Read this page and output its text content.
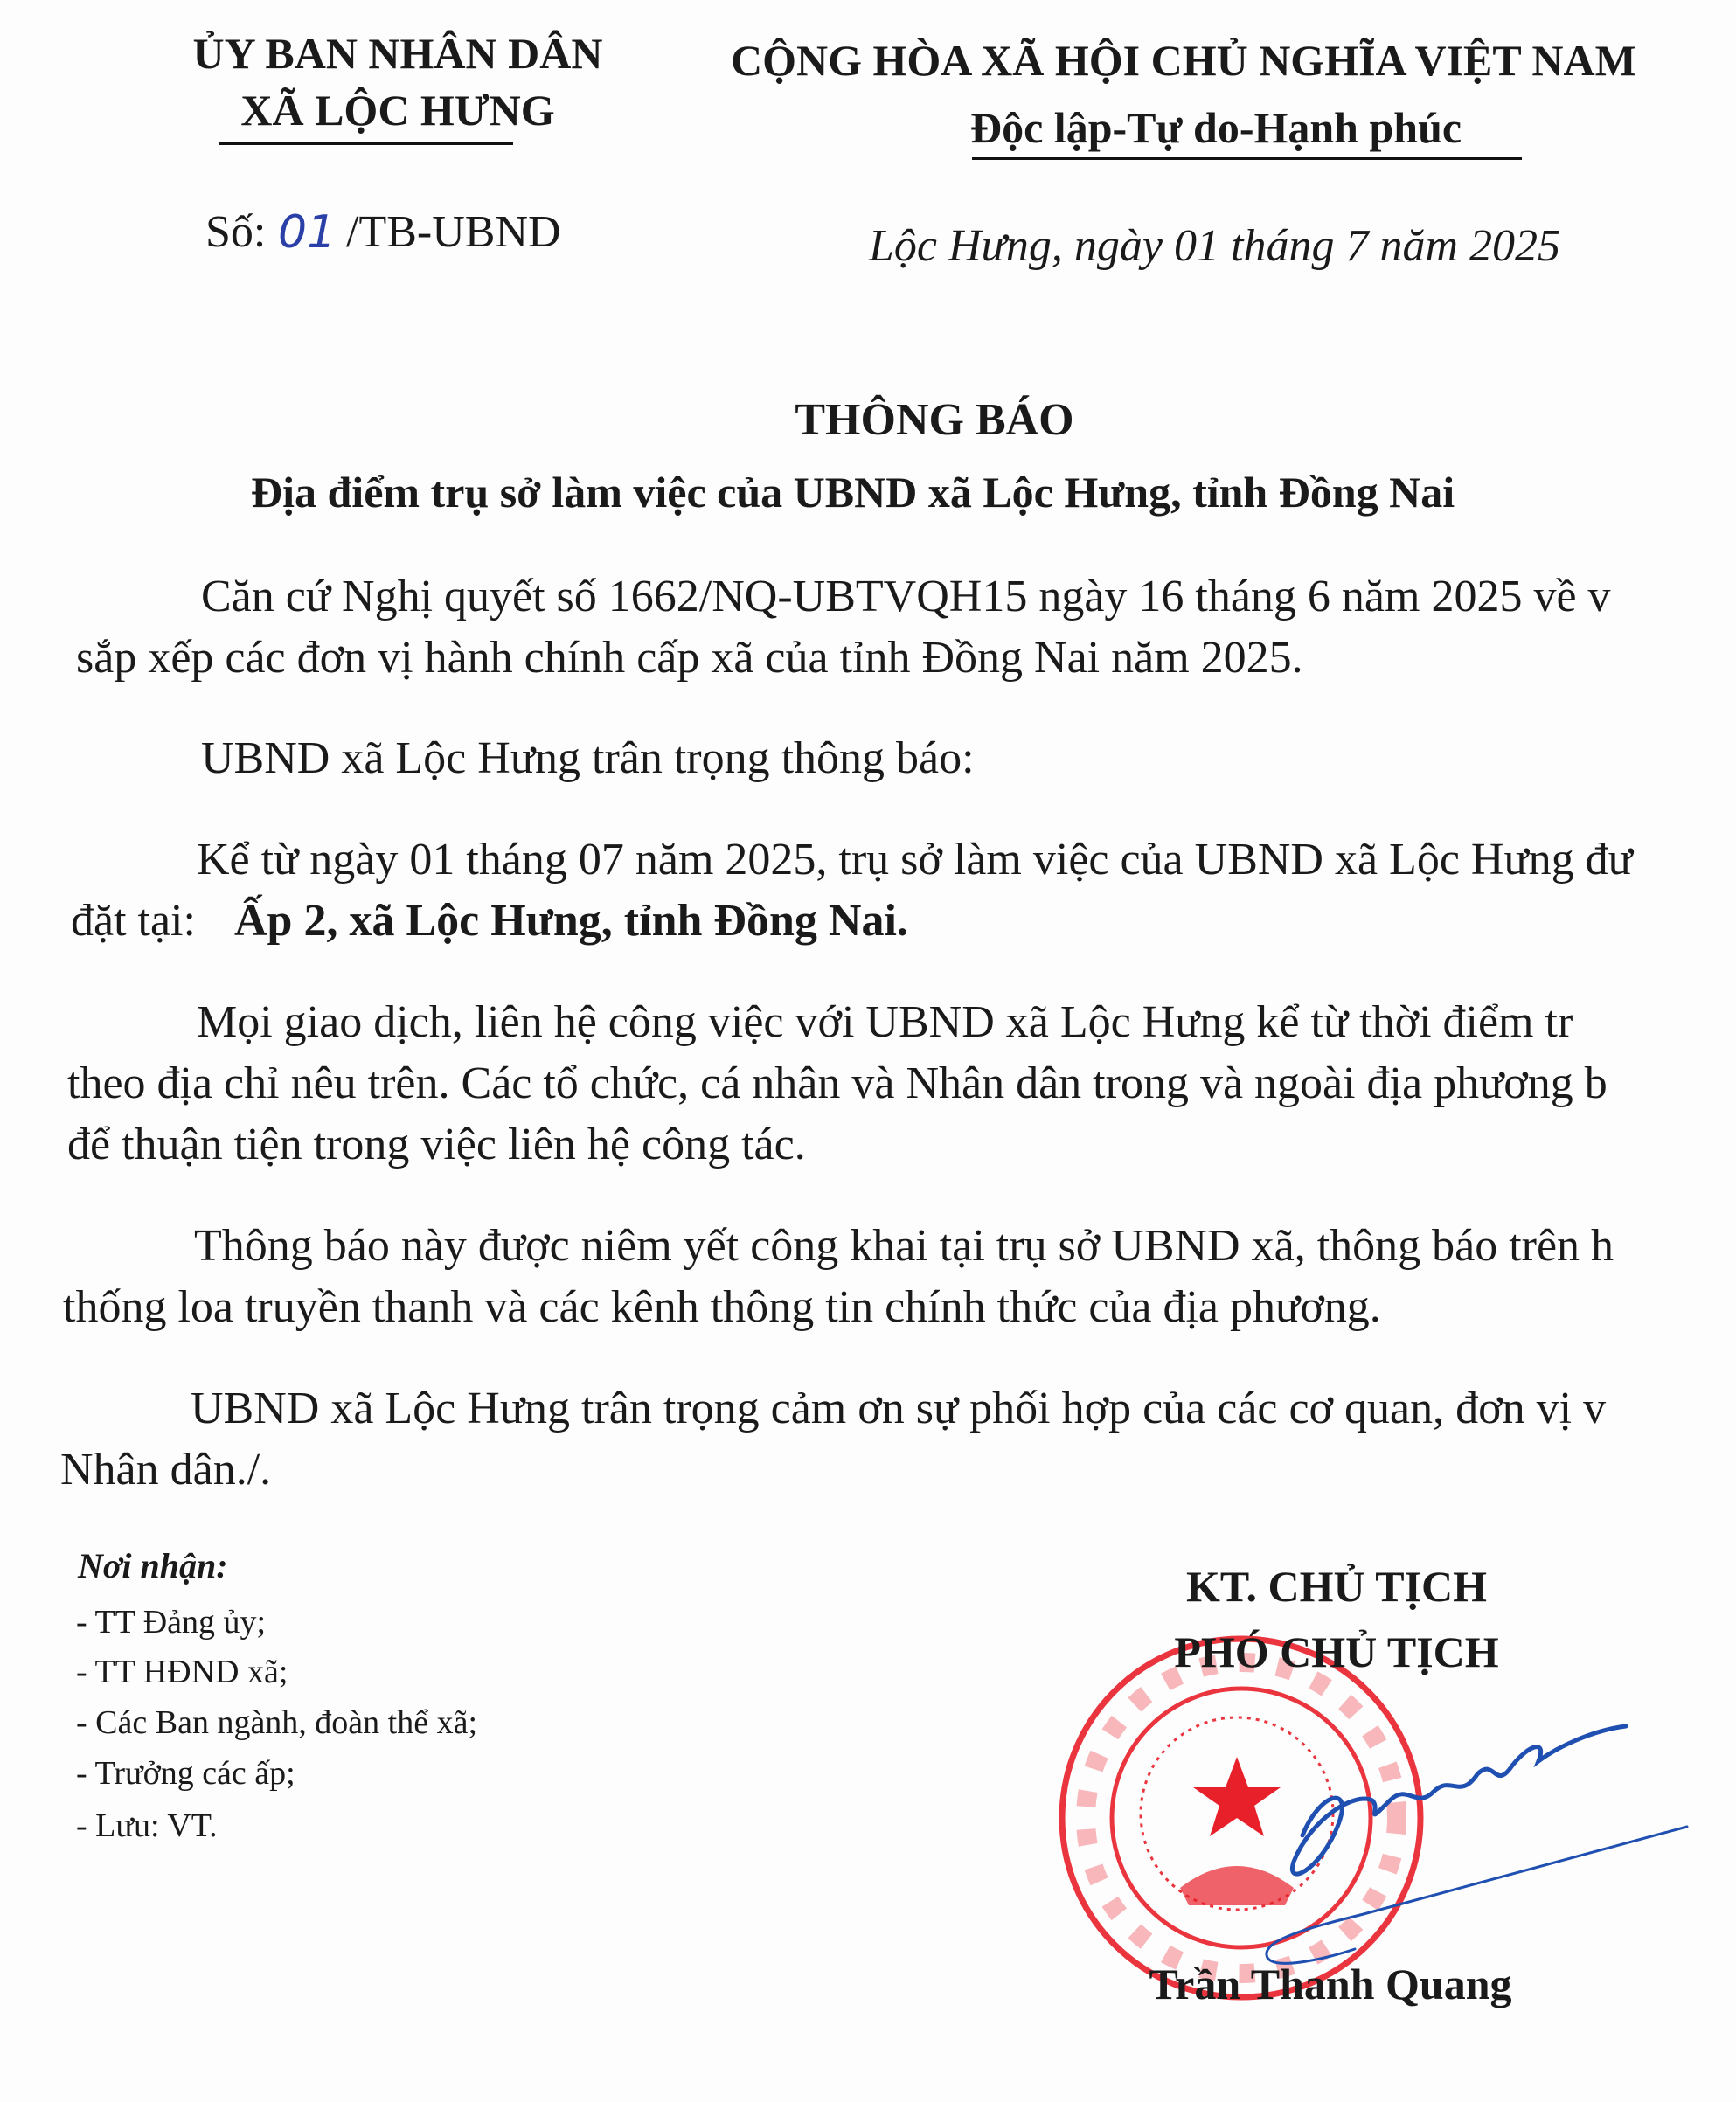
ỦY BAN NHÂN DÂN
XÃ LỘC HƯNG
CỘNG HÒA XÃ HỘI CHỦ NGHĨA VIỆT NAM
Độc lập-Tự do-Hạnh phúc
Số: 01 /TB-UBND	Lộc Hưng, ngày 01 tháng 7 năm 2025
THÔNG BÁO
Địa điểm trụ sở làm việc của UBND xã Lộc Hưng, tỉnh Đồng Nai
Căn cứ Nghị quyết số 1662/NQ-UBTVQH15 ngày 16 tháng 6 năm 2025 về v
sắp xếp các đơn vị hành chính cấp xã của tỉnh Đồng Nai năm 2025.
UBND xã Lộc Hưng trân trọng thông báo:
Kể từ ngày 01 tháng 07 năm 2025, trụ sở làm việc của UBND xã Lộc Hưng đư
đặt tại: Ấp 2, xã Lộc Hưng, tỉnh Đồng Nai.
Mọi giao dịch, liên hệ công việc với UBND xã Lộc Hưng kể từ thời điểm tr
theo địa chỉ nêu trên. Các tổ chức, cá nhân và Nhân dân trong và ngoài địa phương b
để thuận tiện trong việc liên hệ công tác.
Thông báo này được niêm yết công khai tại trụ sở UBND xã, thông báo trên h
thống loa truyền thanh và các kênh thông tin chính thức của địa phương.
UBND xã Lộc Hưng trân trọng cảm ơn sự phối hợp của các cơ quan, đơn vị v
Nhân dân./.
Nơi nhận:
- TT Đảng ủy;
- TT HĐND xã;
- Các Ban ngành, đoàn thể xã;
- Trưởng các ấp;
- Lưu: VT.
KT. CHỦ TỊCH
PHÓ CHỦ TỊCH
Trần Thanh Quang
